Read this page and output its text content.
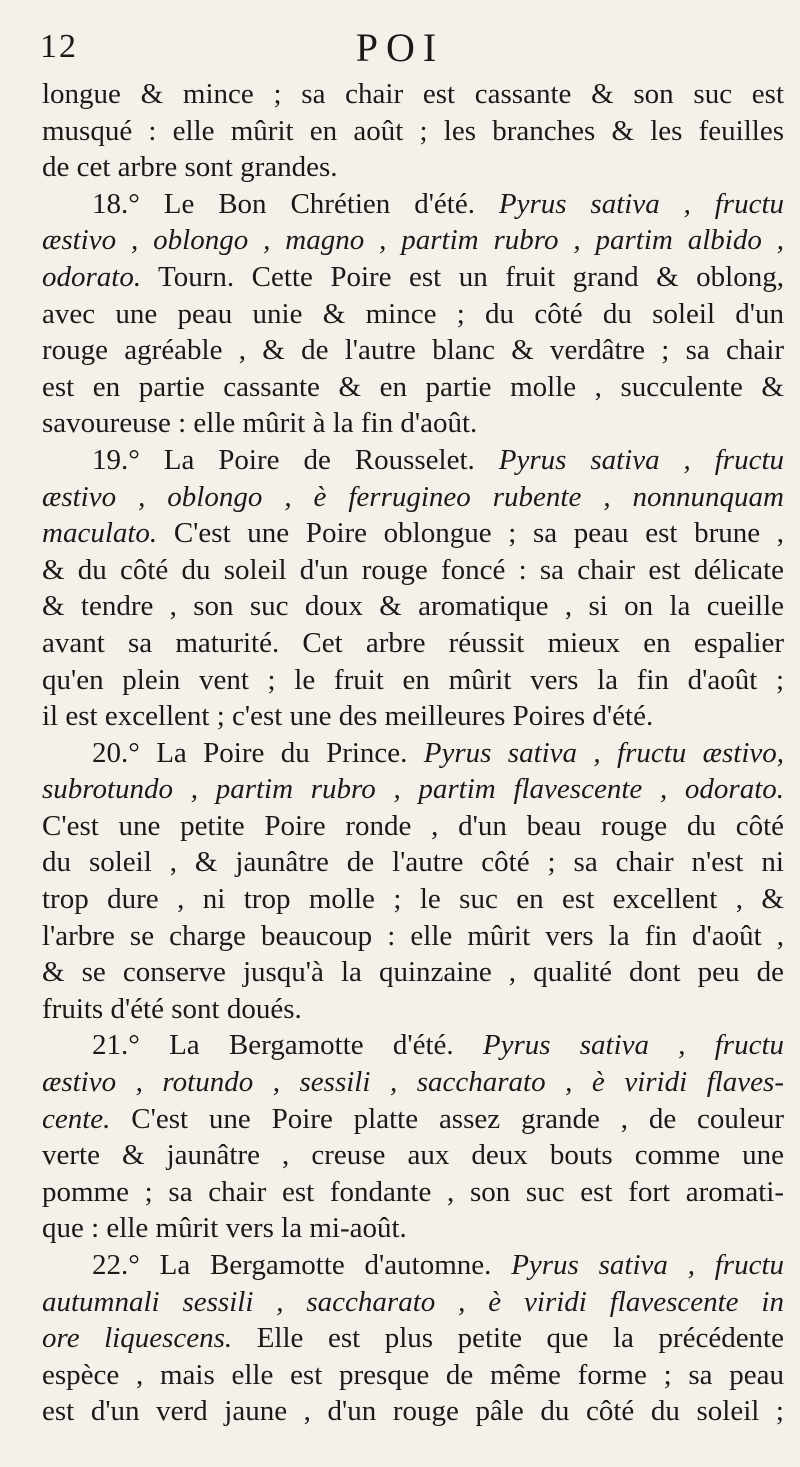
12	POI
longue & mince ; sa chair est cassante & son suc est
musqué : elle mûrit en août ; les branches & les feuilles
de cet arbre sont grandes.
18.° Le Bon Chrétien d'été. Pyrus sativa , fructu
æstivo , oblongo , magno , partim rubro , partim albido ,
odorato. Tourn. Cette Poire est un fruit grand & oblong,
avec une peau unie & mince ; du côté du soleil d'un
rouge agréable , & de l'autre blanc & verdâtre ; sa chair
est en partie cassante & en partie molle , succulente &
savoureuse : elle mûrit à la fin d'août.
19.° La Poire de Rousselet. Pyrus sativa , fructu
æstivo , oblongo , è ferrugineo rubente , nonnunquam
maculato. C'est une Poire oblongue ; sa peau est brune ,
& du côté du soleil d'un rouge foncé : sa chair est délicate
& tendre , son suc doux & aromatique , si on la cueille
avant sa maturité. Cet arbre réussit mieux en espalier
qu'en plein vent ; le fruit en mûrit vers la fin d'août ;
il est excellent ; c'est une des meilleures Poires d'été.
20.° La Poire du Prince. Pyrus sativa , fructu æstivo,
subrotundo , partim rubro , partim flavescente , odorato.
C'est une petite Poire ronde , d'un beau rouge du côté
du soleil , & jaunâtre de l'autre côté ; sa chair n'est ni
trop dure , ni trop molle ; le suc en est excellent , &
l'arbre se charge beaucoup : elle mûrit vers la fin d'août ,
& se conserve jusqu'à la quinzaine , qualité dont peu de
fruits d'été sont doués.
21.° La Bergamotte d'été. Pyrus sativa , fructu
æstivo , rotundo , sessili , saccharato , è viridi flaves-
cente. C'est une Poire platte assez grande , de couleur
verte & jaunâtre , creuse aux deux bouts comme une
pomme ; sa chair est fondante , son suc est fort aromati-
que : elle mûrit vers la mi-août.
22.° La Bergamotte d'automne. Pyrus sativa , fructu
autumnali sessili , saccharato , è viridi flavescente in
ore liquescens. Elle est plus petite que la précédente
espèce , mais elle est presque de même forme ; sa peau
est d'un verd jaune , d'un rouge pâle du côté du soleil ;
